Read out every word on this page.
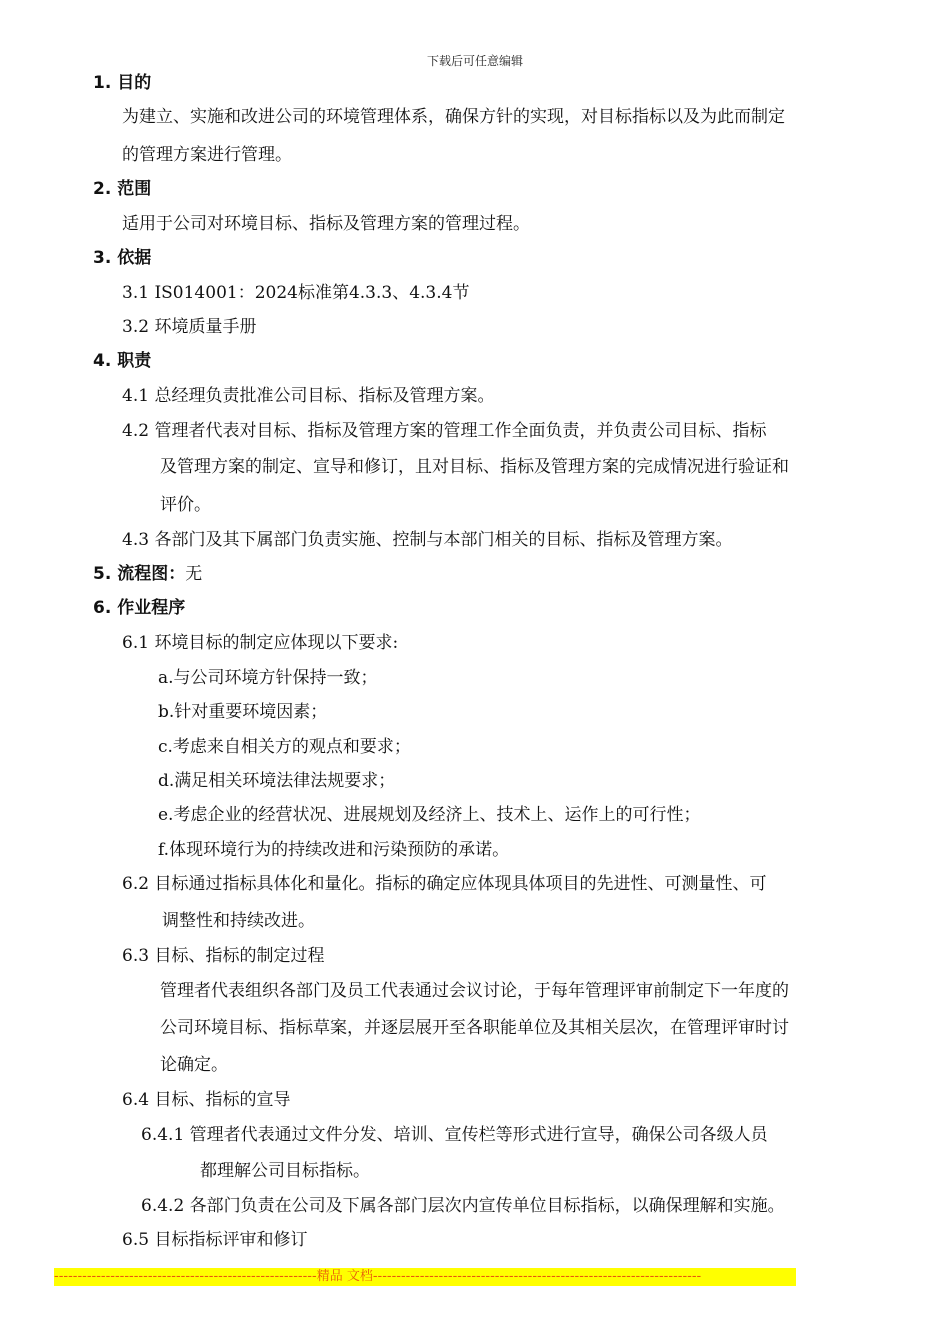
下载后可任意编辑
1. 目的
为建立、实施和改进公司的环境管理体系，确保方针的实现，对目标指标以及为此而制定
的管理方案进行管理。
2. 范围
适用于公司对环境目标、指标及管理方案的管理过程。
3. 依据
3.1 IS014001：2024标准第4.3.3、4.3.4节
3.2 环境质量手册
4. 职责
4.1 总经理负责批准公司目标、指标及管理方案。
4.2 管理者代表对目标、指标及管理方案的管理工作全面负责，并负责公司目标、指标
及管理方案的制定、宣导和修订，且对目标、指标及管理方案的完成情况进行验证和
评价。
4.3 各部门及其下属部门负责实施、控制与本部门相关的目标、指标及管理方案。
5. 流程图：无
6. 作业程序
6.1 环境目标的制定应体现以下要求:
a.与公司环境方针保持一致；
b.针对重要环境因素；
c.考虑来自相关方的观点和要求；
d.满足相关环境法律法规要求；
e.考虑企业的经营状况、进展规划及经济上、技术上、运作上的可行性；
f.体现环境行为的持续改进和污染预防的承诺。
6.2 目标通过指标具体化和量化。指标的确定应体现具体项目的先进性、可测量性、可
调整性和持续改进。
6.3 目标、指标的制定过程
管理者代表组织各部门及员工代表通过会议讨论，于每年管理评审前制定下一年度的
公司环境目标、指标草案，并逐层展开至各职能单位及其相关层次，在管理评审时讨
论确定。
6.4 目标、指标的宣导
6.4.1 管理者代表通过文件分发、培训、宣传栏等形式进行宣导，确保公司各级人员
都理解公司目标指标。
6.4.2 各部门负责在公司及下属各部门层次内宣传单位目标指标，以确保理解和实施。
6.5 目标指标评审和修订
--------------------------------------------------------精品 文档----------------------------------------------------------------------
